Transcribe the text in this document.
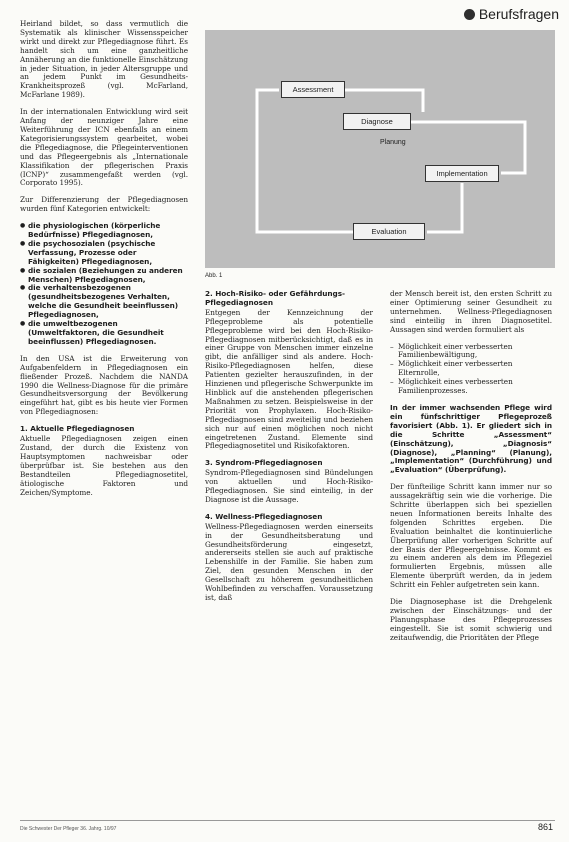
Berufsfragen
Assessment
Diagnose
Planung
Implementation
Evaluation
Abb. 1

Heirland bildet, so dass vermutlich die Systematik als klinischer Wissensspeicher wirkt und direkt zur Pflegediagnose führt. Es handelt sich um eine ganzheitliche Annäherung an die funktionelle Einschätzung in jeder Situation, in jeder Altersgruppe und an jedem Punkt im Gesundheits-Krankheitsprozeß (vgl. McFarland, McFarlane 1989).

In der internationalen Entwicklung wird seit Anfang der neunziger Jahre eine Weiterführung der ICN ebenfalls an einem Kategorisierungssystem gearbeitet, wobei die Pflegediagnose, die Pflegeinterventionen und das Pflegeergebnis als „Internationale Klassifikation der pflegerischen Praxis (ICNP)“ zusammengefaßt werden (vgl. Corporato 1995).

Zur Differenzierung der Pflegediagnosen wurden fünf Kategorien entwickelt:

● die physiologischen (körperliche Bedürfnisse) Pflegediagnosen,
● die psychosozialen (psychische Verfassung, Prozesse oder Fähigkeiten) Pflegediagnosen,
● die sozialen (Beziehungen zu anderen Menschen) Pflegediagnosen,
● die verhaltensbezogenen (gesundheitsbezogenes Verhalten, welche die Gesundheit beeinflussen) Pflegediagnosen,
● die umweltbezogenen (Umweltfaktoren, die Gesundheit beeinflussen) Pflegediagnosen.

In den USA ist die Erweiterung von Aufgabenfeldern in Pflegediagnosen ein fließender Prozeß. Nachdem die NANDA 1990 die Wellness-Diagnose für die primäre Gesundheitsversorgung der Bevölkerung eingeführt hat, gibt es bis heute vier Formen von Pflegediagnosen:

1. Aktuelle Pflegediagnosen

Aktuelle Pflegediagnosen zeigen einen Zustand, der durch die Existenz von Hauptsymptomen nachweisbar oder überprüfbar ist. Sie bestehen aus den Bestandteilen Pflegediagnosetitel, ätiologische Faktoren und Zeichen/Symptome.

2. Hoch-Risiko- oder Gefährdungs-Pflegediagnosen

Entgegen der Kennzeichnung der Pflegeprobleme als potentielle Pflegeprobleme wird bei den Hoch-Risiko-Pflegediagnosen mitberücksichtigt, daß es in einer Gruppe von Menschen immer einzelne gibt, die anfälliger sind als andere. Hoch-Risiko-Pflegediagnosen helfen, diese Patienten gezielter herauszufinden, in der Hinzienen und pflegerische Schwerpunkte im Hinblick auf die anstehenden pflegerischen Maßnahmen zu setzen. Beispielsweise in der Priorität von Prophylaxen. Hoch-Risiko-Pflegediagnosen sind zweiteilig und beziehen sich nur auf einen möglichen noch nicht eingetretenen Zustand. Elemente sind Pflegediagnosetitel und Risikofaktoren.

3. Syndrom-Pflegediagnosen

Syndrom-Pflegediagnosen sind Bündelungen von aktuellen und Hoch-Risiko-Pflegediagnosen. Sie sind einteilig, in der Diagnose ist die Aussage.

4. Wellness-Pflegediagnosen

Wellness-Pflegediagnosen werden einerseits in der Gesundheitsberatung und Gesundheitsförderung eingesetzt, andererseits stellen sie auch auf praktische Lebenshilfe in der Familie. Sie haben zum Ziel, den gesunden Menschen in der Gesellschaft zu höherem gesundheitlichen Wohlbefinden zu verschaffen. Voraussetzung ist, daß

der Mensch bereit ist, den ersten Schritt zu einer Optimierung seiner Gesundheit zu unternehmen. Wellness-Pflegediagnosen sind einteilig in ihren Diagnosetitel. Aussagen sind werden formuliert als

– Möglichkeit einer verbesserten Familienbewältigung,
– Möglichkeit einer verbesserten Elternrolle,
– Möglichkeit eines verbesserten Familienprozesses.

In der immer wachsenden Pflege wird ein fünfschrittiger Pflegeprozeß favorisiert (Abb. 1). Er gliedert sich in die Schritte „Assessment“ (Einschätzung), „Diagnosis“ (Diagnose), „Planning“ (Planung), „Implementation“ (Durchführung) und „Evaluation“ (Überprüfung).

Der fünfteilige Schritt kann immer nur so aussagekräftig sein wie die vorherige. Die Schritte überlappen sich bei speziellen neuen Informationen bereits Inhalte des folgenden Schrittes ergeben. Die Evaluation beinhaltet die kontinuierliche Überprüfung aller vorherigen Schritte auf der Basis der Pflegeergebnisse. Kommt es zu einem anderen als dem im Pflegeziel formulierten Ergebnis, müssen alle Elemente überprüft werden, da in jedem Schritt ein Fehler aufgetreten sein kann.

Die Diagnosephase ist die Drehgelenk zwischen der Einschätzungs- und der Planungsphase des Pflegeprozesses eingestellt. Sie ist somit schwierig und zeitaufwendig, die Prioritäten der Pflege

Die Schwester Der Pfleger 36. Jahrg. 10/97	861
